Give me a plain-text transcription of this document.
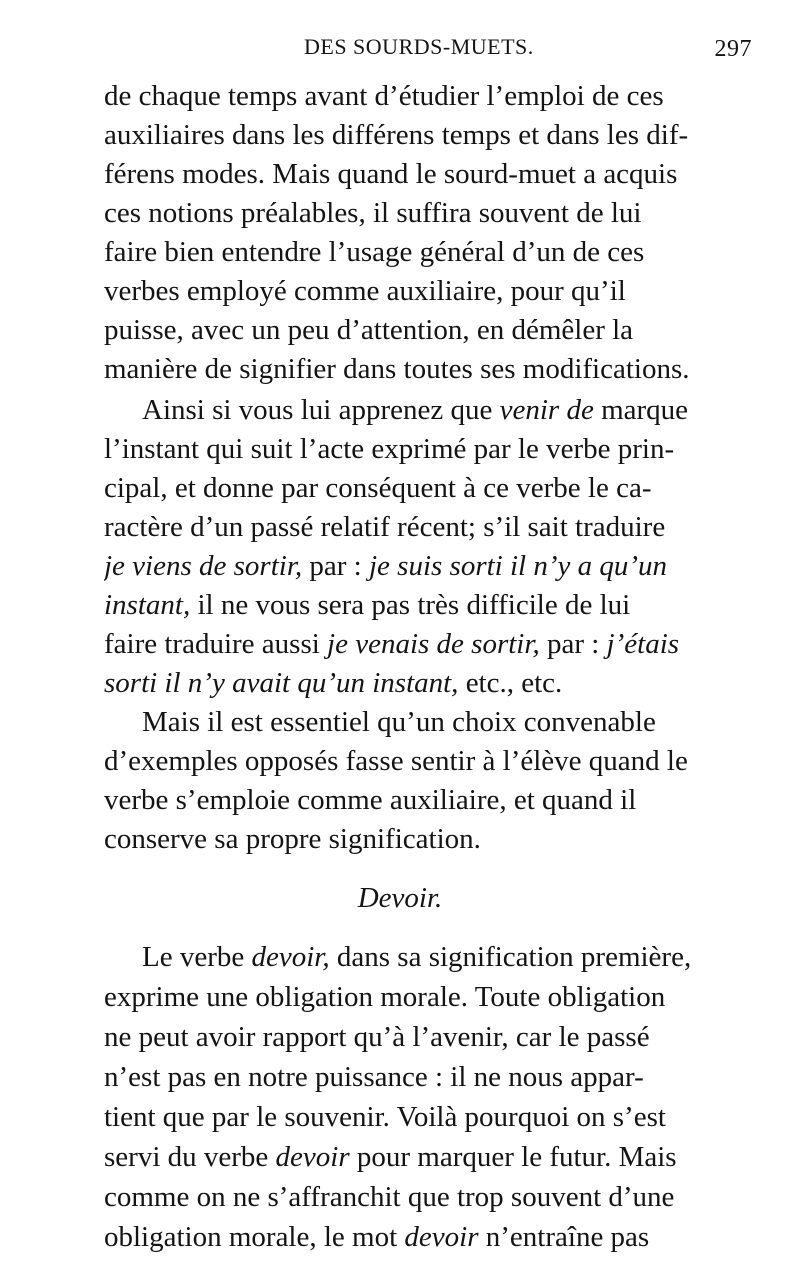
DES SOURDS-MUETS.	297
de chaque temps avant d’étudier l’emploi de ces
auxiliaires dans les différens temps et dans les dif-
férens modes. Mais quand le sourd-muet a acquis
ces notions préalables, il suffira souvent de lui
faire bien entendre l’usage général d’un de ces
verbes employé comme auxiliaire, pour qu’il
puisse, avec un peu d’attention, en démêler la
manière de signifier dans toutes ses modifications.
Ainsi si vous lui apprenez que venir de marque
l’instant qui suit l’acte exprimé par le verbe prin-
cipal, et donne par conséquent à ce verbe le ca-
ractère d’un passé relatif récent; s’il sait traduire
je viens de sortir, par : je suis sorti il n’y a qu’un
instant, il ne vous sera pas très difficile de lui
faire traduire aussi je venais de sortir, par : j’étais
sorti il n’y avait qu’un instant, etc., etc.
Mais il est essentiel qu’un choix convenable
d’exemples opposés fasse sentir à l’élève quand le
verbe s’emploie comme auxiliaire, et quand il
conserve sa propre signification.
Devoir.
Le verbe devoir, dans sa signification première,
exprime une obligation morale. Toute obligation
ne peut avoir rapport qu’à l’avenir, car le passé
n’est pas en notre puissance : il ne nous appar-
tient que par le souvenir. Voilà pourquoi on s’est
servi du verbe devoir pour marquer le futur. Mais
comme on ne s’affranchit que trop souvent d’une
obligation morale, le mot devoir n’entraîne pas
